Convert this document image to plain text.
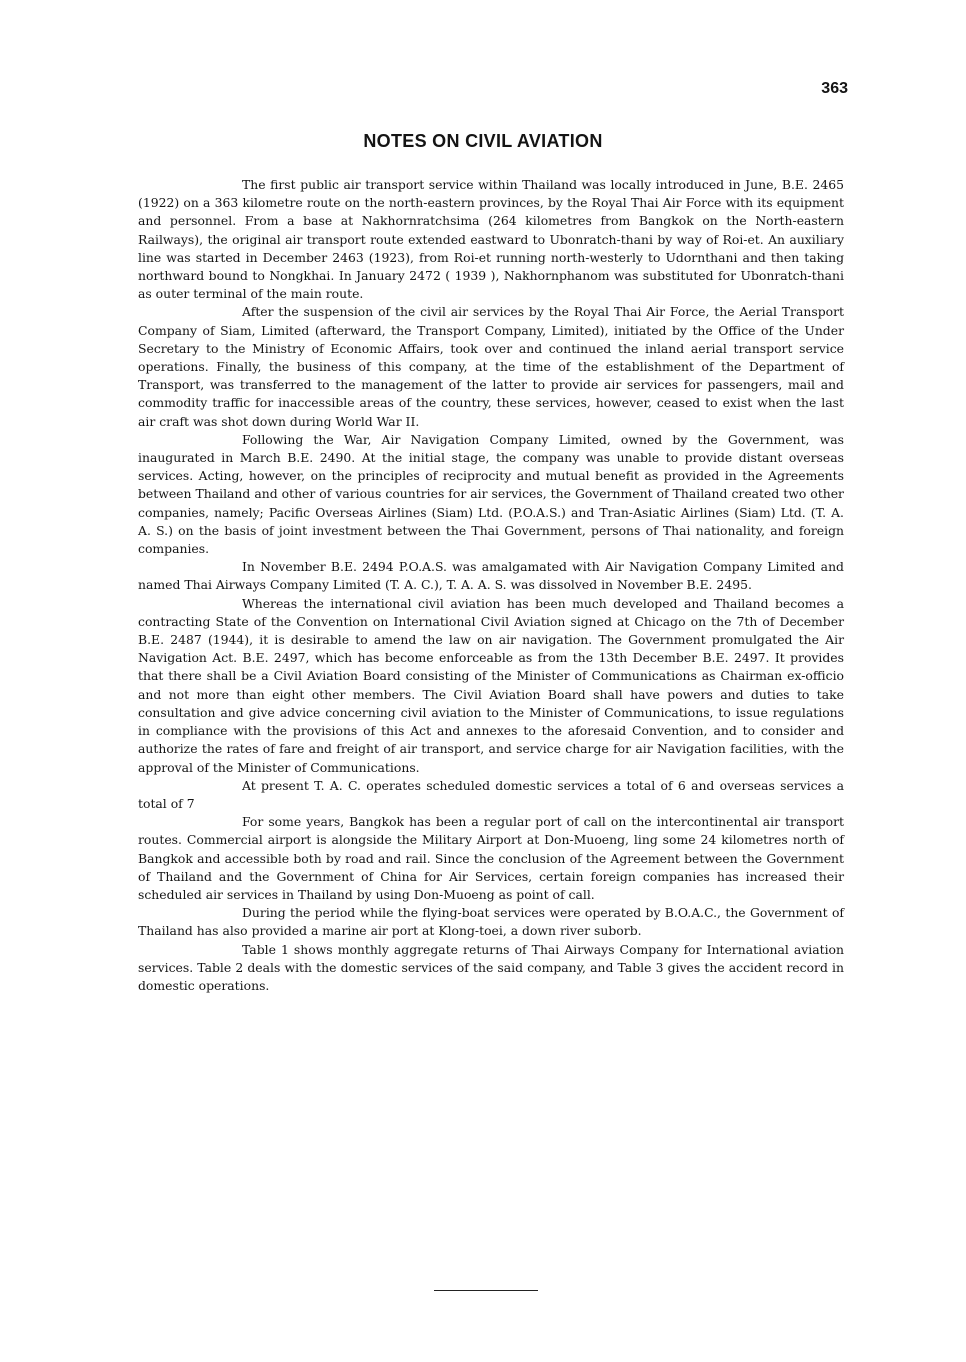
363
NOTES ON CIVIL AVIATION

The first public air transport service within Thailand was locally introduced in June, B.E. 2465 (1922) on a 363 kilometre route on the north-eastern provinces, by the Royal Thai Air Force with its equipment and personnel. From a base at Nakhornratchsima (264 kilometres from Bangkok on the North-eastern Railways), the original air transport route extended eastward to Ubonratch-thani by way of Roi-et. An auxiliary line was started in December 2463 (1923), from Roi-et running north-westerly to Udornthani and then taking northward bound to Nongkhai. In January 2472 ( 1939 ), Nakhornphanom was substituted for Ubonratch-thani as outer terminal of the main route.

After the suspension of the civil air services by the Royal Thai Air Force, the Aerial Transport Company of Siam, Limited (afterward, the Transport Company, Limited), initiated by the Office of the Under Secretary to the Ministry of Economic Affairs, took over and continued the inland aerial transport service operations. Finally, the business of this company, at the time of the establishment of the Department of Transport, was transferred to the management of the latter to provide air services for passengers, mail and commodity traffic for inaccessible areas of the country, these services, however, ceased to exist when the last air craft was shot down during World War II.

Following the War, Air Navigation Company Limited, owned by the Government, was inaugurated in March B.E. 2490. At the initial stage, the company was unable to provide distant overseas services. Acting, however, on the principles of reciprocity and mutual benefit as provided in the Agreements between Thailand and other of various countries for air services, the Government of Thailand created two other companies, namely; Pacific Overseas Airlines (Siam) Ltd. (P.O.A.S.) and Tran-Asiatic Airlines (Siam) Ltd. (T. A. A. S.) on the basis of joint investment between the Thai Government, persons of Thai nationality, and foreign companies.

In November B.E. 2494 P.O.A.S. was amalgamated with Air Navigation Company Limited and named Thai Airways Company Limited (T. A. C.), T. A. A. S. was dissolved in November B.E. 2495.

Whereas the international civil aviation has been much developed and Thailand becomes a contracting State of the Convention on International Civil Aviation signed at Chicago on the 7th of December B.E. 2487 (1944), it is desirable to amend the law on air navigation. The Government promulgated the Air Navigation Act. B.E. 2497, which has become enforceable as from the 13th December B.E. 2497. It provides that there shall be a Civil Aviation Board consisting of the Minister of Communications as Chairman ex-officio and not more than eight other members. The Civil Aviation Board shall have powers and duties to take consultation and give advice concerning civil aviation to the Minister of Communications, to issue regulations in compliance with the provisions of this Act and annexes to the aforesaid Convention, and to consider and authorize the rates of fare and freight of air transport, and service charge for air Navigation facilities, with the approval of the Minister of Communications.

At present T. A. C. operates scheduled domestic services a total of 6 and overseas services a total of 7

For some years, Bangkok has been a regular port of call on the intercontinental air transport routes. Commercial airport is alongside the Military Airport at Don-Muoeng, ling some 24 kilometres north of Bangkok and accessible both by road and rail. Since the conclusion of the Agreement between the Government of Thailand and the Government of China for Air Services, certain foreign companies has increased their scheduled air services in Thailand by using Don-Muoeng as point of call.

During the period while the flying-boat services were operated by B.O.A.C., the Government of Thailand has also provided a marine air port at Klong-toei, a down river suborb.

Table 1 shows monthly aggregate returns of Thai Airways Company for International aviation services. Table 2 deals with the domestic services of the said company, and Table 3 gives the accident record in domestic operations.
